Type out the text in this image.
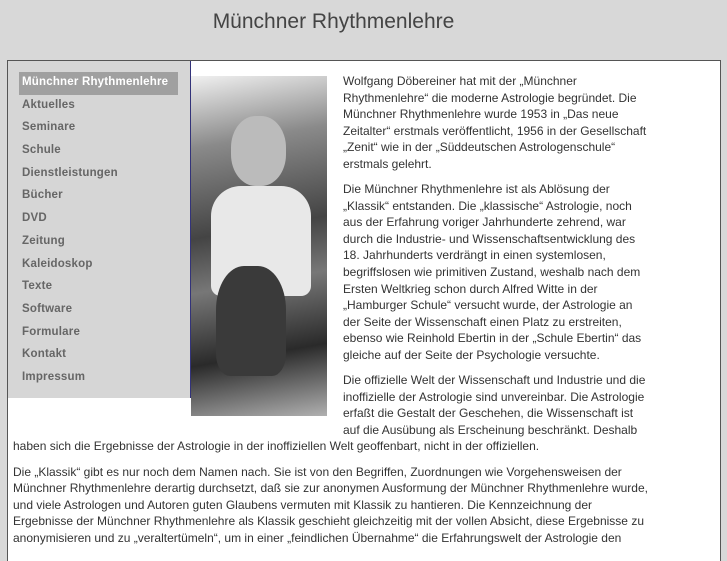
Münchner Rhythmenlehre
Münchner Rhythmenlehre
Aktuelles
Seminare
Schule
Dienstleistungen
Bücher
DVD
Zeitung
Kaleidoskop
Texte
Software
Formulare
Kontakt
Impressum

Wolfgang Döbereiner hat mit der „Münchner Rhythmenlehre“ die moderne Astrologie begründet. Die Münchner Rhythmenlehre wurde 1953 in „Das neue Zeitalter“ erstmals veröffentlicht, 1956 in der Gesellschaft „Zenit“ wie in der „Süddeutschen Astrologenschule“ erstmals gelehrt.

Die Münchner Rhythmenlehre ist als Ablösung der „Klassik“ entstanden. Die „klassische“ Astrologie, noch aus der Erfahrung voriger Jahrhunderte zehrend, war durch die Industrie- und Wissenschaftsentwicklung des 18. Jahrhunderts verdrängt in einen systemlosen, begriffslosen wie primitiven Zustand, weshalb nach dem Ersten Weltkrieg schon durch Alfred Witte in der „Hamburger Schule“ versucht wurde, der Astrologie an der Seite der Wissenschaft einen Platz zu erstreiten, ebenso wie Reinhold Ebertin in der „Schule Ebertin“ das gleiche auf der Seite der Psychologie versuchte.

Die offizielle Welt der Wissenschaft und Industrie und die inoffizielle der Astrologie sind unvereinbar. Die Astrologie erfaßt die Gestalt der Geschehen, die Wissenschaft ist auf die Ausübung als Erscheinung beschränkt. Deshalb haben sich die Ergebnisse der Astrologie in der inoffiziellen Welt geoffenbart, nicht in der offiziellen.

Die „Klassik“ gibt es nur noch dem Namen nach. Sie ist von den Begriffen, Zuordnungen wie Vorgehensweisen der Münchner Rhythmenlehre derartig durchsetzt, daß sie zur anonymen Ausformung der Münchner Rhythmenlehre wurde, und viele Astrologen und Autoren guten Glaubens vermuten mit Klassik zu hantieren. Die Kennzeichnung der Ergebnisse der Münchner Rhythmenlehre als Klassik geschieht gleichzeitig mit der vollen Absicht, diese Ergebnisse zu anonymisieren und zu „veraltertümeln“, um in einer „feindlichen Übernahme“ die Erfahrungswelt der Astrologie den
